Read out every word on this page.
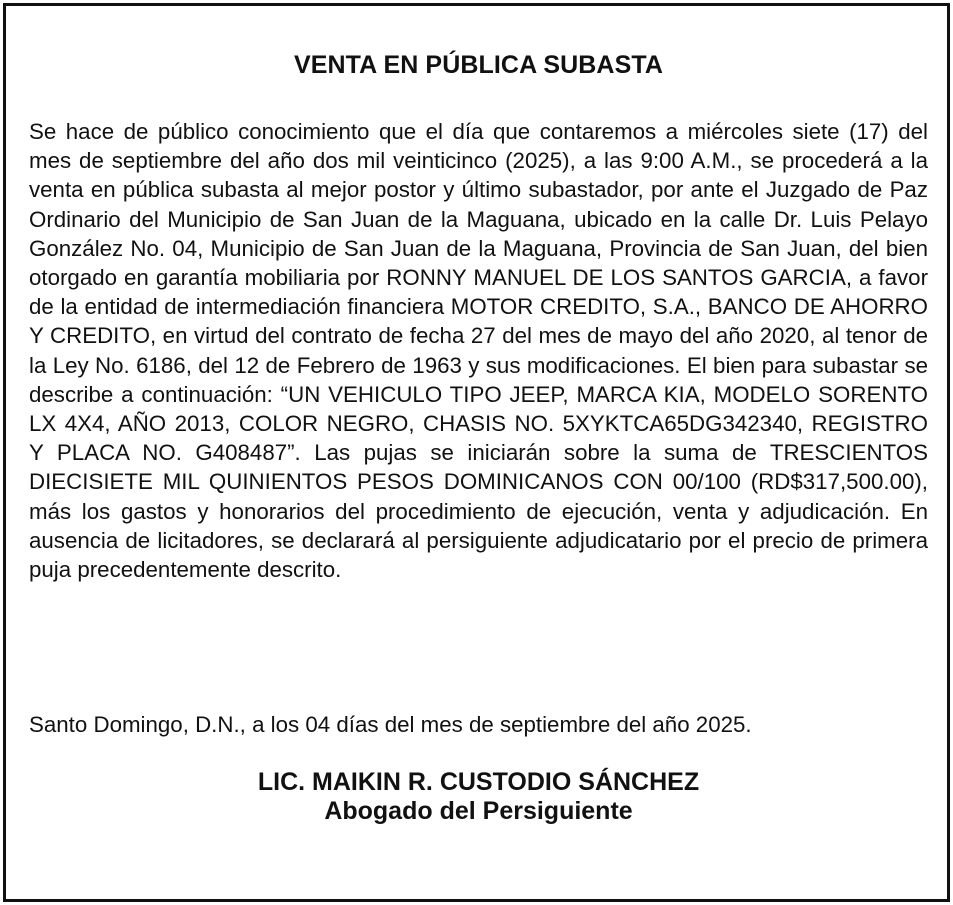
VENTA EN PÚBLICA SUBASTA

Se hace de público conocimiento que el día que contaremos a miércoles siete (17) del mes de septiembre del año dos mil veinticinco (2025), a las 9:00 A.M., se procederá a la venta en pública subasta al mejor postor y último subastador, por ante el Juzgado de Paz Ordinario del Municipio de San Juan de la Maguana, ubicado en la calle Dr. Luis Pelayo González No. 04, Municipio de San Juan de la Maguana, Provincia de San Juan, del bien otorgado en garantía mobiliaria por RONNY MANUEL DE LOS SANTOS GARCIA, a favor de la entidad de intermediación financiera MOTOR CREDITO, S.A., BANCO DE AHORRO Y CREDITO, en virtud del contrato de fecha 27 del mes de mayo del año 2020, al tenor de la Ley No. 6186, del 12 de Febrero de 1963 y sus modificaciones. El bien para subastar se describe a continuación: “UN VEHICULO TIPO JEEP, MARCA KIA, MODELO SORENTO LX 4X4, AÑO 2013, COLOR NEGRO, CHASIS NO. 5XYKTCA65DG342340, REGISTRO Y PLACA NO. G408487”. Las pujas se iniciarán sobre la suma de TRESCIENTOS DIECISIETE MIL QUINIENTOS PESOS DOMINICANOS CON 00/100 (RD$317,500.00), más los gastos y honorarios del procedimiento de ejecución, venta y adjudicación. En ausencia de licitadores, se declarará al persiguiente adjudicatario por el precio de primera puja precedentemente descrito.

Santo Domingo, D.N., a los 04 días del mes de septiembre del año 2025.

LIC. MAIKIN R. CUSTODIO SÁNCHEZ
Abogado del Persiguiente
